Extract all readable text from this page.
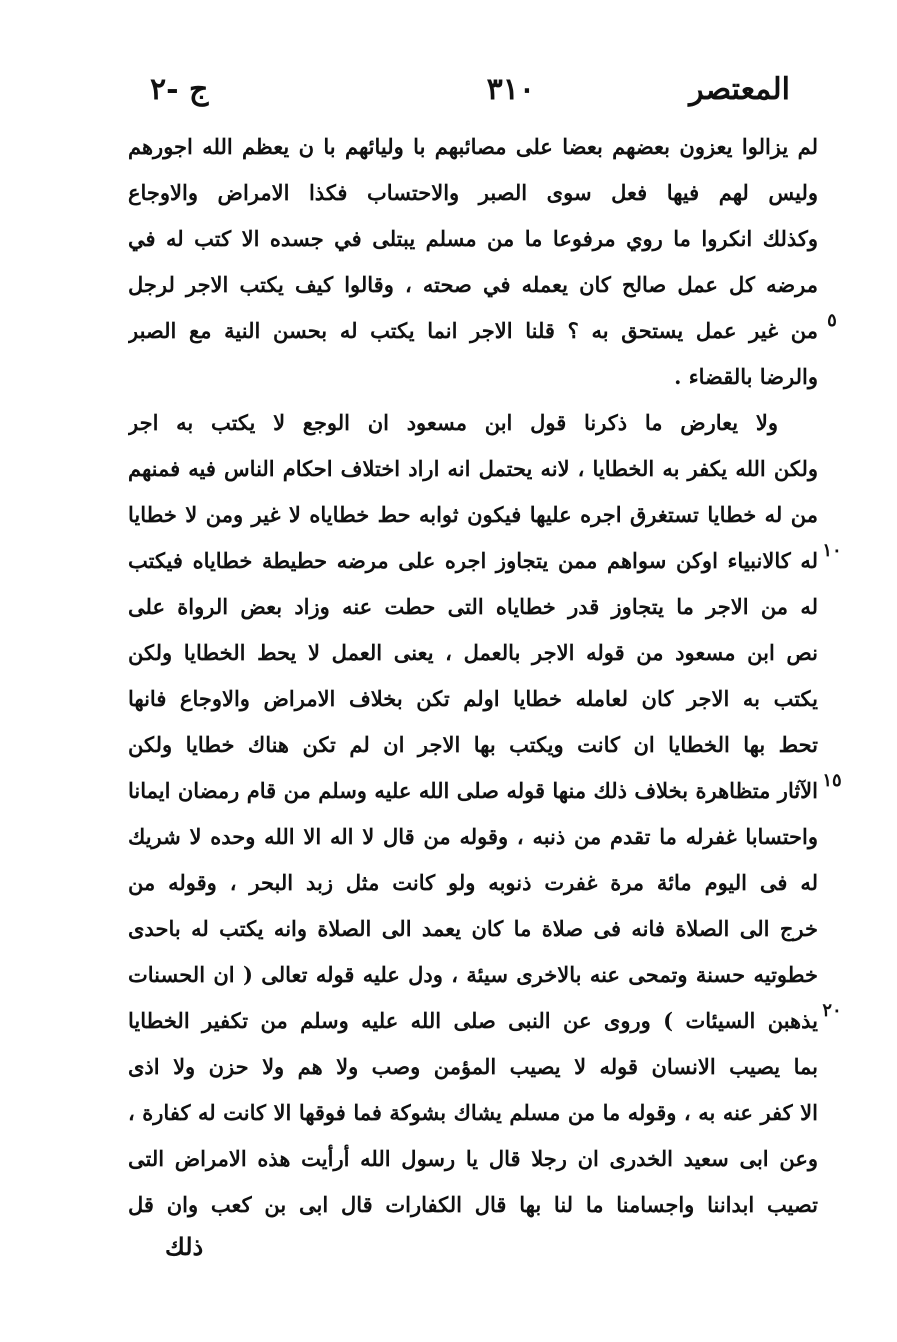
المعتصر
٣١٠
ج -٢
لم يزالوا يعزون بعضهم بعضا على مصائبهم با وليائهم با ن يعظم الله اجورهم
وليس لهم فيها فعل سوى الصبر والاحتساب فكذا الامراض والاوجاع
وكذلك انكروا ما روي مرفوعا ما من مسلم يبتلى في جسده الا كتب له في
مرضه كل عمل صالح كان يعمله في صحته ، وقالوا كيف يكتب الاجر لرجل
من غير عمل يستحق به ؟ قلنا الاجر انما يكتب له بحسن النية مع الصبر
والرضا بالقضاء .
ولا يعارض ما ذكرنا قول ابن مسعود ان الوجع لا يكتب به اجر
ولكن الله يكفر به الخطايا ، لانه يحتمل انه اراد اختلاف احكام الناس فيه فمنهم
من له خطايا تستغرق اجره عليها فيكون ثوابه حط خطاياه لا غير ومن لا خطايا
له كالانبياء اوكن سواهم ممن يتجاوز اجره على مرضه حطيطة خطاياه فيكتب
له من الاجر ما يتجاوز قدر خطاياه التى حطت عنه وزاد بعض الرواة على
نص ابن مسعود من قوله الاجر بالعمل ، يعنى العمل لا يحط الخطايا ولكن
يكتب به الاجر كان لعامله خطايا اولم تكن بخلاف الامراض والاوجاع فانها
تحط بها الخطايا ان كانت ويكتب بها الاجر ان لم تكن هناك خطايا ولكن
الآثار متظاهرة بخلاف ذلك منها قوله صلى الله عليه وسلم من قام رمضان ايمانا
واحتسابا غفرله ما تقدم من ذنبه ، وقوله من قال لا اله الا الله وحده لا شريك
له فى اليوم مائة مرة غفرت ذنوبه ولو كانت مثل زبد البحر ، وقوله من
خرج الى الصلاة فانه فى صلاة ما كان يعمد الى الصلاة وانه يكتب له باحدى
خطوتيه حسنة وتمحى عنه بالاخرى سيئة ، ودل عليه قوله تعالى ( ان الحسنات
يذهبن السيئات ) وروى عن النبى صلى الله عليه وسلم من تكفير الخطايا
بما يصيب الانسان قوله لا يصيب المؤمن وصب ولا هم ولا حزن ولا اذى
الا كفر عنه به ، وقوله ما من مسلم يشاك بشوكة فما فوقها الا كانت له كفارة ،
وعن ابى سعيد الخدرى ان رجلا قال يا رسول الله أرأيت هذه الامراض التى
تصيب ابداننا واجسامنا ما لنا بها قال الكفارات قال ابى بن كعب وان قل
٥
١٠
١٥
٢٠
ذلك
